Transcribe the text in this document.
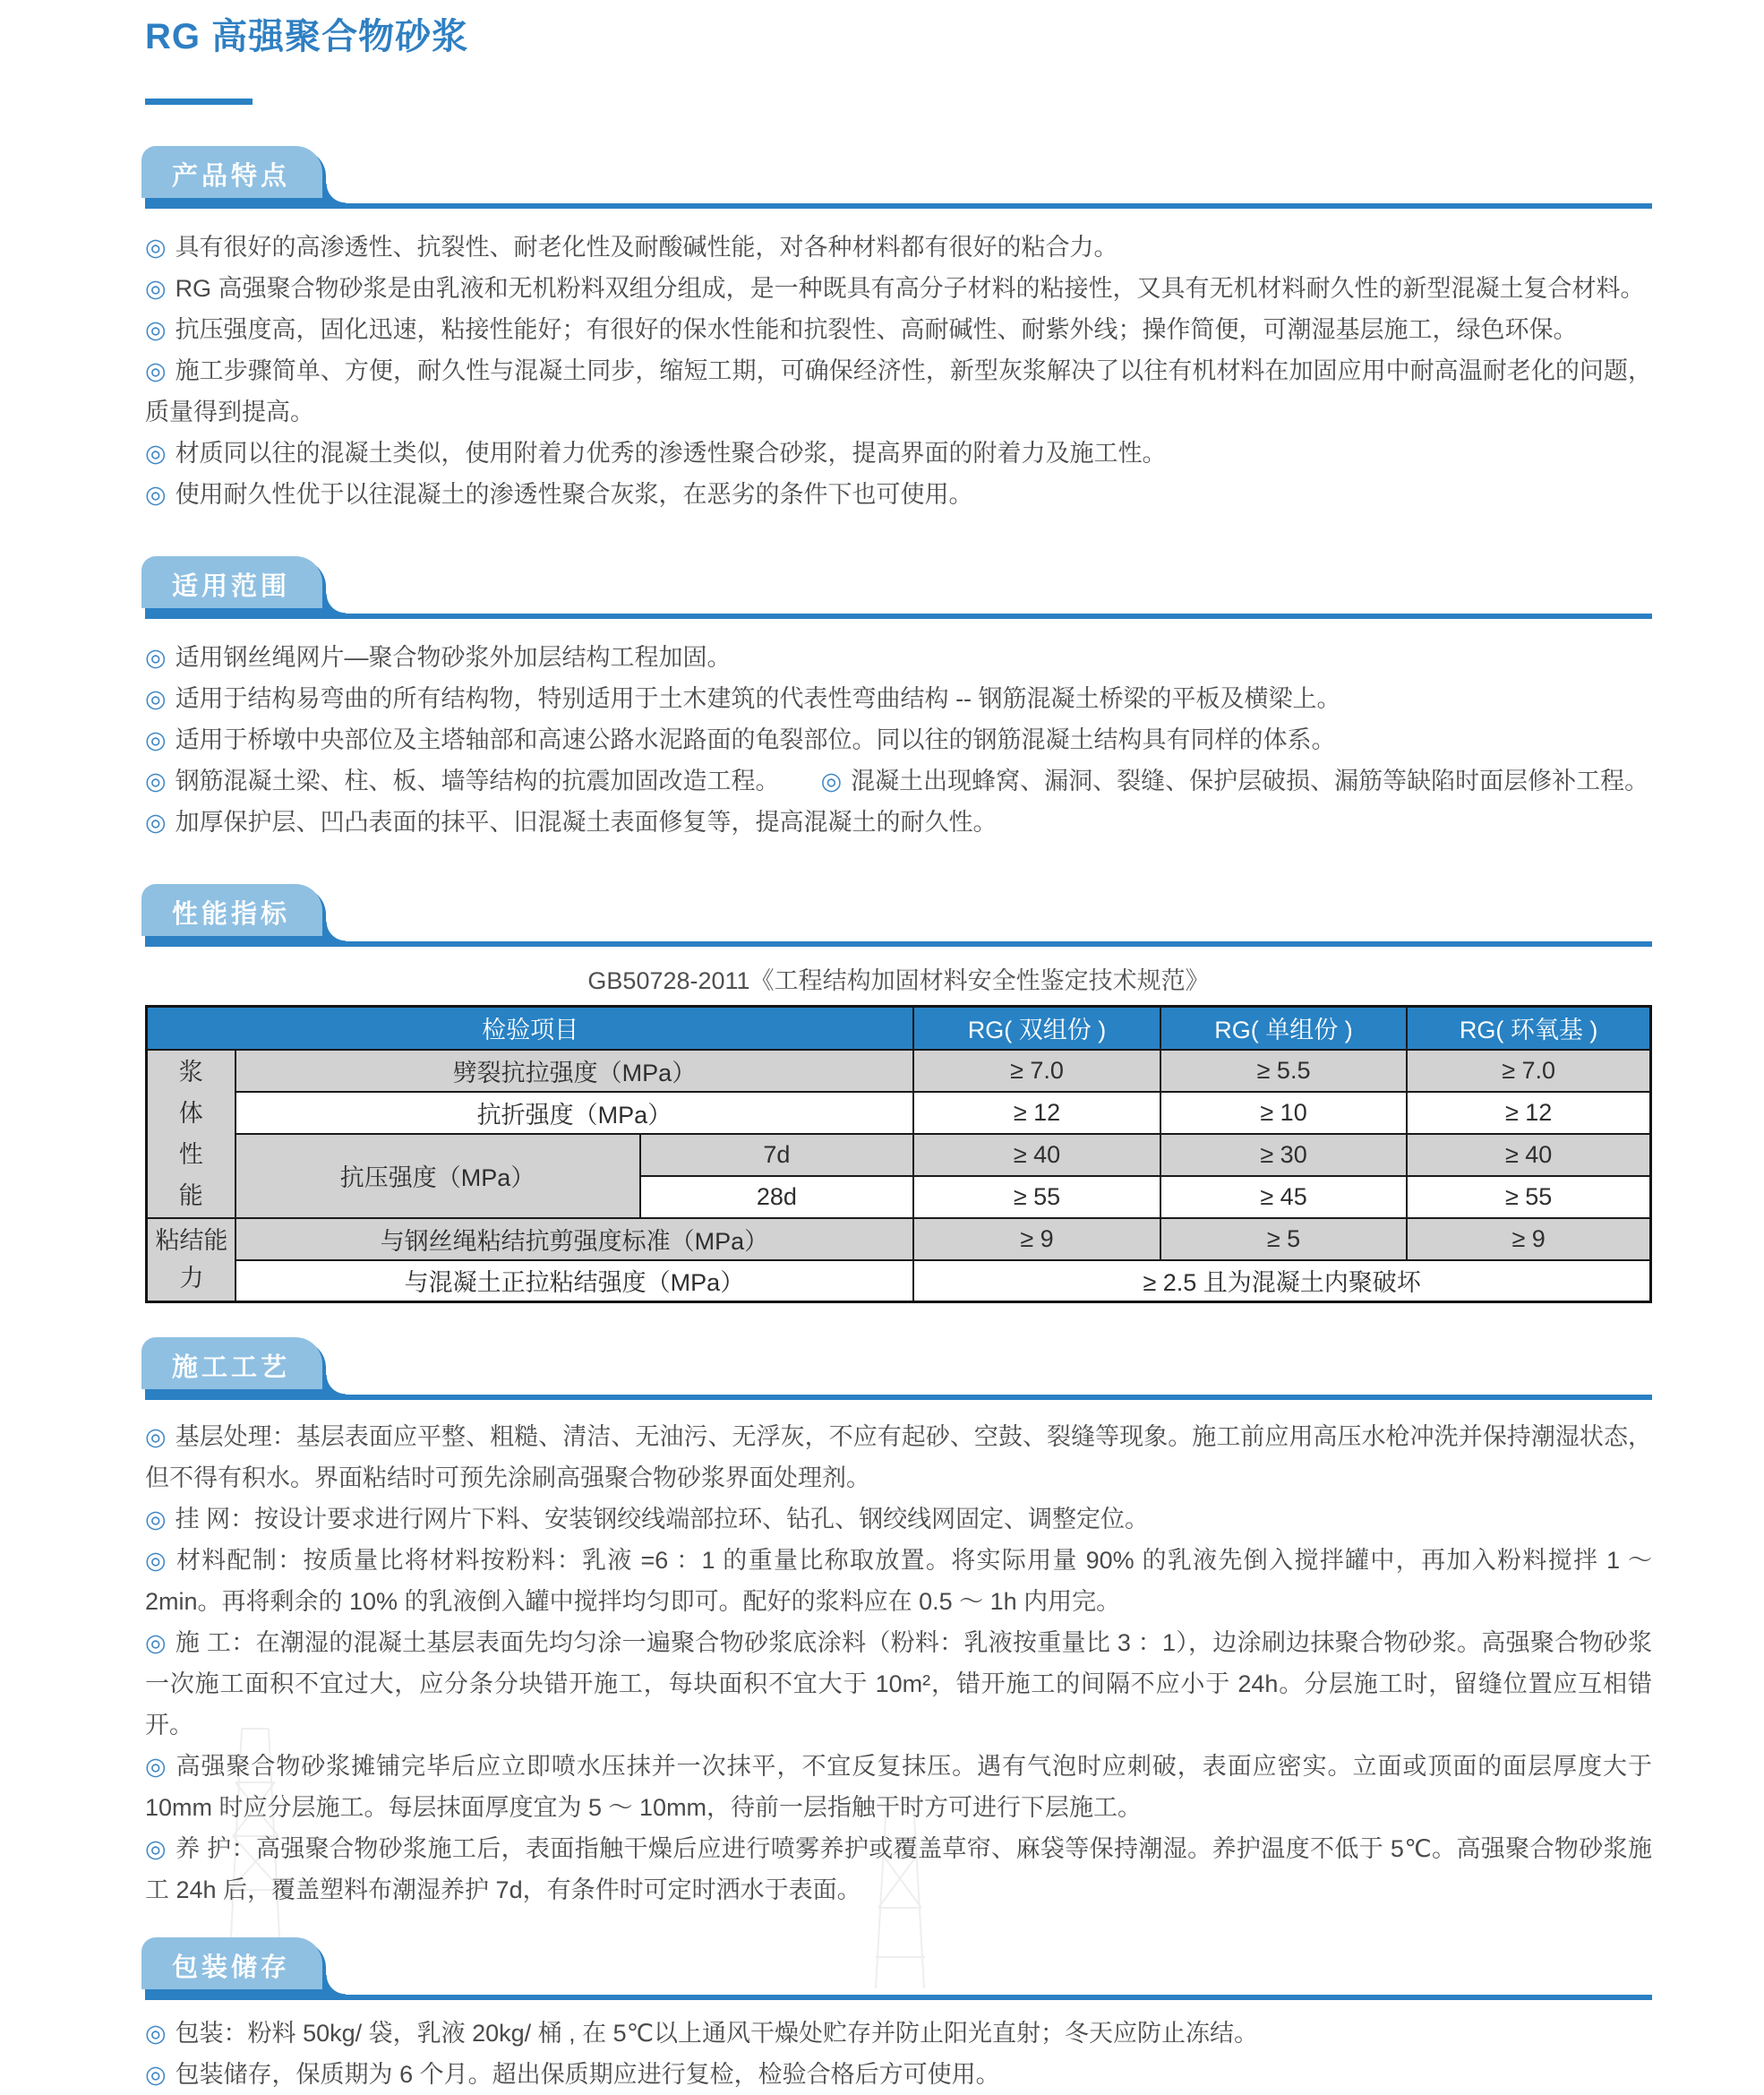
RG 高强聚合物砂浆
产品特点

◎ 具有很好的高渗透性、抗裂性、耐老化性及耐酸碱性能，对各种材料都有很好的粘合力。

◎ RG 高强聚合物砂浆是由乳液和无机粉料双组分组成，是一种既具有高分子材料的粘接性，又具有无机材料耐久性的新型混凝土复合材料。

◎ 抗压强度高，固化迅速，粘接性能好；有很好的保水性能和抗裂性、高耐碱性、耐紫外线；操作简便，可潮湿基层施工，绿色环保。

◎ 施工步骤简单、方便，耐久性与混凝土同步，缩短工期，可确保经济性，新型灰浆解决了以往有机材料在加固应用中耐高温耐老化的问题，质量得到提高。

◎ 材质同以往的混凝土类似，使用附着力优秀的渗透性聚合砂浆，提高界面的附着力及施工性。

◎ 使用耐久性优于以往混凝土的渗透性聚合灰浆，在恶劣的条件下也可使用。

适用范围

◎ 适用钢丝绳网片—聚合物砂浆外加层结构工程加固。

◎ 适用于结构易弯曲的所有结构物，特别适用于土木建筑的代表性弯曲结构 -- 钢筋混凝土桥梁的平板及横梁上。

◎ 适用于桥墩中央部位及主塔轴部和高速公路水泥路面的龟裂部位。同以往的钢筋混凝土结构具有同样的体系。

◎ 钢筋混凝土梁、柱、板、墙等结构的抗震加固改造工程。 ◎ 混凝土出现蜂窝、漏洞、裂缝、保护层破损、漏筋等缺陷时面层修补工程。

◎ 加厚保护层、凹凸表面的抹平、旧混凝土表面修复等，提高混凝土的耐久性。

性能指标
GB50728-2011《工程结构加固材料安全性鉴定技术规范》
检验项目			RG( 双组份 )	RG( 单组份 )	RG( 环氧基 )
浆体性能	劈裂抗拉强度（MPa）		≥ 7.0	≥ 5.5	≥ 7.0
	抗折强度（MPa）		≥ 12	≥ 10	≥ 12
	抗压强度（MPa）	7d	≥ 40	≥ 30	≥ 40
		28d	≥ 55	≥ 45	≥ 55
粘结能力	与钢丝绳粘结抗剪强度标准（MPa）		≥ 9	≥ 5	≥ 9
	与混凝土正拉粘结强度（MPa）		≥ 2.5 且为混凝土内聚破坏		
施工工艺

◎ 基层处理：基层表面应平整、粗糙、清洁、无油污、无浮灰，不应有起砂、空鼓、裂缝等现象。施工前应用高压水枪冲洗并保持潮湿状态，但不得有积水。界面粘结时可预先涂刷高强聚合物砂浆界面处理剂。

◎ 挂 网：按设计要求进行网片下料、安装钢绞线端部拉环、钻孔、钢绞线网固定、调整定位。

◎ 材料配制：按质量比将材料按粉料：乳液 =6 ：1 的重量比称取放置。将实际用量 90% 的乳液先倒入搅拌罐中，再加入粉料搅拌 1 ～ 2min。再将剩余的 10% 的乳液倒入罐中搅拌均匀即可。配好的浆料应在 0.5 ～ 1h 内用完。

◎ 施 工：在潮湿的混凝土基层表面先均匀涂一遍聚合物砂浆底涂料（粉料：乳液按重量比 3 ：1），边涂刷边抹聚合物砂浆。高强聚合物砂浆一次施工面积不宜过大，应分条分块错开施工，每块面积不宜大于 10m²，错开施工的间隔不应小于 24h。分层施工时，留缝位置应互相错开。

◎ 高强聚合物砂浆摊铺完毕后应立即喷水压抹并一次抹平，不宜反复抹压。遇有气泡时应刺破，表面应密实。立面或顶面的面层厚度大于 10mm 时应分层施工。每层抹面厚度宜为 5 ～ 10mm，待前一层指触干时方可进行下层施工。

◎ 养 护：高强聚合物砂浆施工后，表面指触干燥后应进行喷雾养护或覆盖草帘、麻袋等保持潮湿。养护温度不低于 5℃。高强聚合物砂浆施工 24h 后，覆盖塑料布潮湿养护 7d，有条件时可定时洒水于表面。

包装储存

◎ 包装：粉料 50kg/ 袋，乳液 20kg/ 桶 , 在 5℃以上通风干燥处贮存并防止阳光直射；冬天应防止冻结。

◎ 包装储存，保质期为 6 个月。超出保质期应进行复检，检验合格后方可使用。
